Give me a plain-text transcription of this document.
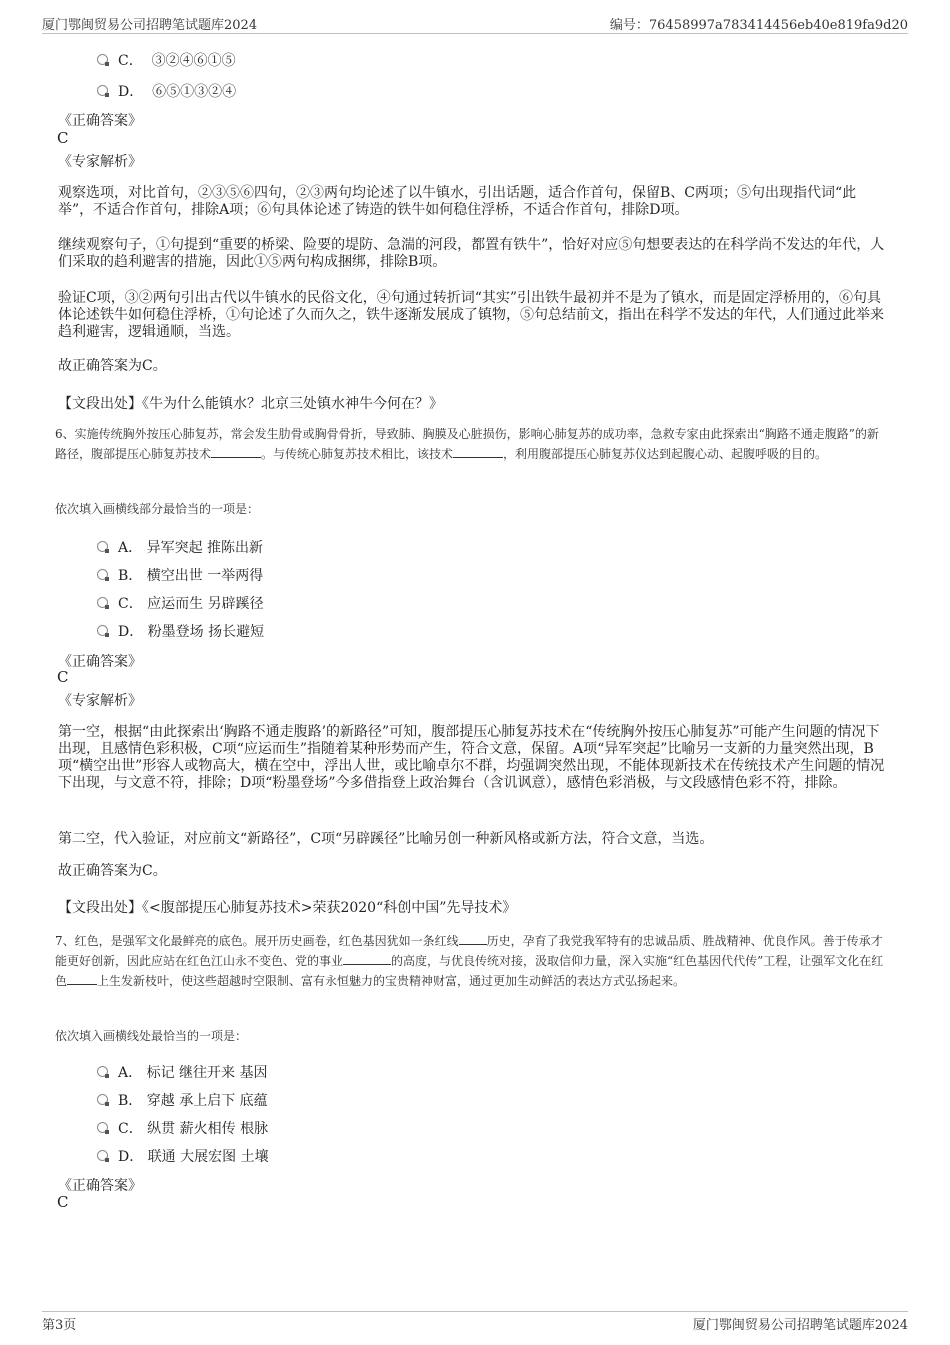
厦门鄂闽贸易公司招聘笔试题库2024	编号：76458997a783414456eb40e819fa9d20
C． ③②④⑥①⑤
D． ⑥⑤①③②④
《正确答案》
C
《专家解析》
观察选项，对比首句，②③⑤⑥四句，②③两句均论述了以牛镇水，引出话题，适合作首句，保留B、C两项；⑤句出现指代词“此举”，不适合作首句，排除A项；⑥句具体论述了铸造的铁牛如何稳住浮桥，不适合作首句，排除D项。
继续观察句子，①句提到“重要的桥梁、险要的堤防、急湍的河段，都置有铁牛”，恰好对应⑤句想要表达的在科学尚不发达的年代，人们采取的趋利避害的措施，因此①⑤两句构成捆绑，排除B项。
验证C项，③②两句引出古代以牛镇水的民俗文化，④句通过转折词“其实”引出铁牛最初并不是为了镇水，而是固定浮桥用的，⑥句具体论述铁牛如何稳住浮桥，①句论述了久而久之，铁牛逐渐发展成了镇物，⑤句总结前文，指出在科学不发达的年代，人们通过此举来趋利避害，逻辑通顺，当选。
故正确答案为C。
【文段出处】《牛为什么能镇水？北京三处镇水神牛今何在？》
6、实施传统胸外按压心肺复苏，常会发生肋骨或胸骨骨折，导致肺、胸膜及心脏损伤，影响心肺复苏的成功率，急救专家由此探索出“胸路不通走腹路”的新路径，腹部提压心肺复苏技术	。与传统心肺复苏技术相比，该技术	，利用腹部提压心肺复苏仪达到起腹心动、起腹呼吸的目的。
依次填入画横线部分最恰当的一项是：
A． 异军突起 推陈出新
B． 横空出世 一举两得
C． 应运而生 另辟蹊径
D． 粉墨登场 扬长避短
《正确答案》
C
《专家解析》
第一空，根据“由此探索出‘胸路不通走腹路’的新路径”可知，腹部提压心肺复苏技术在“传统胸外按压心肺复苏”可能产生问题的情况下出现，且感情色彩积极，C项“应运而生”指随着某种形势而产生，符合文意，保留。A项“异军突起”比喻另一支新的力量突然出现，B项“横空出世”形容人或物高大，横在空中，浮出人世，或比喻卓尔不群，均强调突然出现，不能体现新技术在传统技术产生问题的情况下出现，与文意不符，排除；D项“粉墨登场”今多借指登上政治舞台（含讥讽意），感情色彩消极，与文段感情色彩不符，排除。
第二空，代入验证，对应前文“新路径”，C项“另辟蹊径”比喻另创一种新风格或新方法，符合文意，当选。
故正确答案为C。
【文段出处】《<腹部提压心肺复苏技术>荣获2020“科创中国”先导技术》
7、红色，是强军文化最鲜亮的底色。展开历史画卷，红色基因犹如一条红线 历史，孕育了我党我军特有的忠诚品质、胜战精神、优良作风。善于传承才能更好创新，因此应站在红色江山永不变色、党的事业	的高度，与优良传统对接，汲取信仰力量，深入实施“红色基因代代传”工程，让强军文化在红色	上生发新枝叶，使这些超越时空限制、富有永恒魅力的宝贵精神财富，通过更加生动鲜活的表达方式弘扬起来。
依次填入画横线处最恰当的一项是：
A． 标记 继往开来 基因
B． 穿越 承上启下 底蕴
C． 纵贯 薪火相传 根脉
D． 联通 大展宏图 土壤
《正确答案》
C
第3页	厦门鄂闽贸易公司招聘笔试题库2024
